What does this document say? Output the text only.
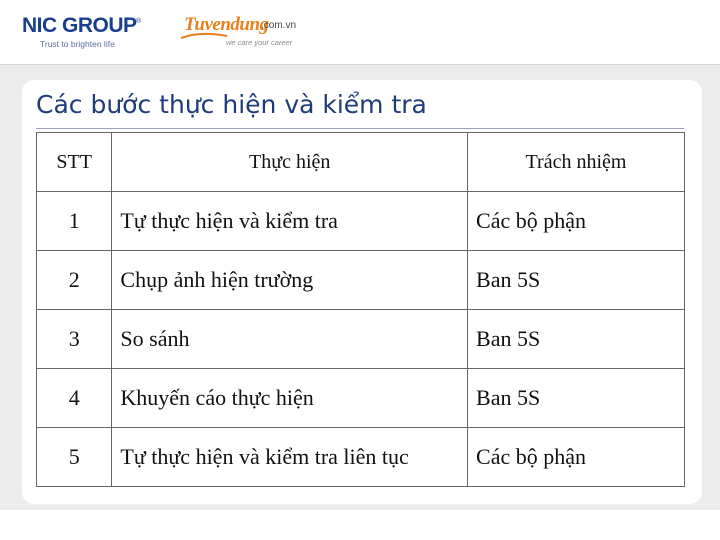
NIC GROUP ®
Trust to brighten life
Tuvendung
.com.vn
we care your career
Các bước thực hiện và kiểm tra
STT	Thực hiện	Trách nhiệm
1	Tự thực hiện và kiểm tra	Các bộ phận
2	Chụp ảnh hiện trường	Ban 5S
3	So sánh	Ban 5S
4	Khuyến cáo thực hiện	Ban 5S
5	Tự thực hiện và kiểm tra liên tục	Các bộ phận
